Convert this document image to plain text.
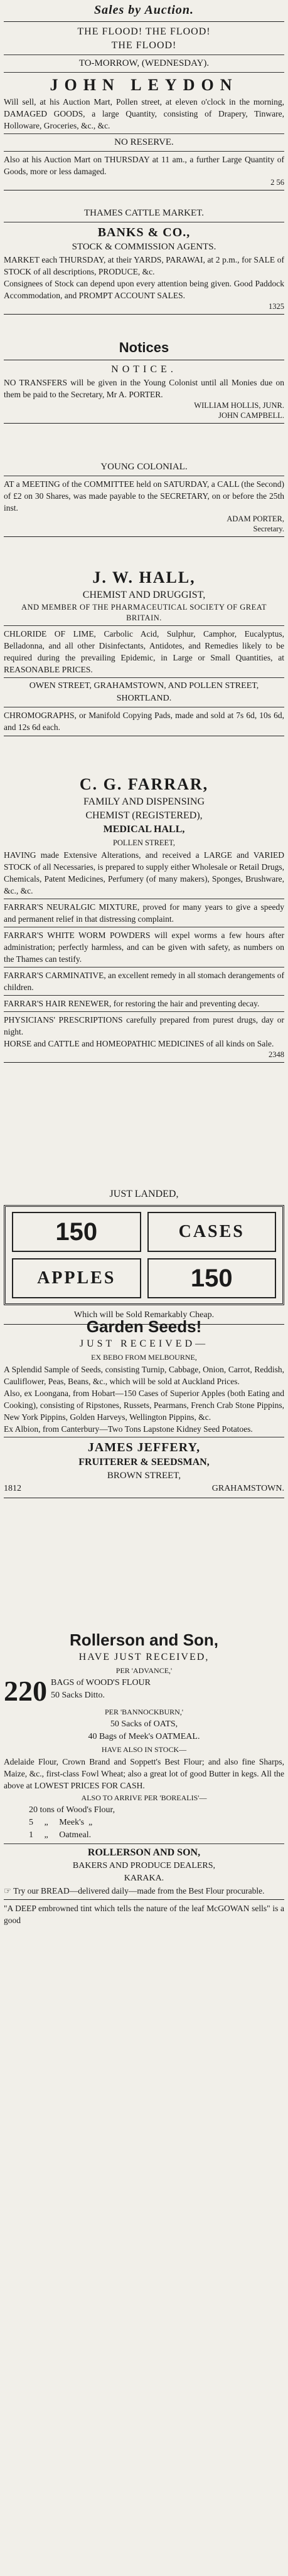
Sales by Auction.
THE FLOOD! THE FLOOD!
THE FLOOD!
TO-MORROW, (WEDNESDAY).
JOHN LEYDON
Will sell, at his Auction Mart, Pollen street, at eleven o'clock in the morning, DAMAGED GOODS, a large Quantity, consisting of Drapery, Tinware, Holloware, Groceries, &c., &c.
NO RESERVE.
Also at his Auction Mart on THURSDAY at 11 am., a further Large Quantity of Goods, more or less damaged.
2 56
THAMES CATTLE MARKET.
BANKS & CO.,
STOCK & COMMISSION AGENTS.
MARKET each THURSDAY, at their YARDS, PARAWAI, at 2 p.m., for SALE of STOCK of all descriptions, PRODUCE, &c.
Consignees of Stock can depend upon every attention being given. Good Paddock Accommodation, and PROMPT ACCOUNT SALES.
1325
Notices
NOTICE.
NO TRANSFERS will be given in the Young Colonist until all Monies due on them be paid to the Secretary, Mr A. PORTER.
WILLIAM HOLLIS, JUNR.
JOHN CAMPBELL.
YOUNG COLONIAL.
AT a MEETING of the COMMITTEE held on SATURDAY, a CALL (the Second) of £2 on 30 Shares, was made payable to the SECRETARY, on or before the 25th inst.
ADAM PORTER,
Secretary.
J. W. HALL,
CHEMIST AND DRUGGIST,
AND MEMBER OF THE PHARMACEUTICAL SOCIETY OF GREAT BRITAIN.
CHLORIDE OF LIME, Carbolic Acid, Sulphur, Camphor, Eucalyptus, Belladonna, and all other Disinfectants, Antidotes, and Remedies likely to be required during the prevailing Epidemic, in Large or Small Quantities, at REASONABLE PRICES.
OWEN STREET, GRAHAMSTOWN, AND POLLEN STREET, SHORTLAND.
CHROMOGRAPHS, or Manifold Copying Pads, made and sold at 7s 6d, 10s 6d, and 12s 6d each.
C. G. FARRAR,
FAMILY AND DISPENSING
CHEMIST (REGISTERED),
MEDICAL HALL,
POLLEN STREET,
HAVING made Extensive Alterations, and received a LARGE and VARIED STOCK of all Necessaries, is prepared to supply either Wholesale or Retail Drugs, Chemicals, Patent Medicines, Perfumery (of many makers), Sponges, Brushware, &c., &c.
FARRAR'S NEURALGIC MIXTURE, proved for many years to give a speedy and permanent relief in that distressing complaint.
FARRAR'S WHITE WORM POWDERS will expel worms a few hours after administration; perfectly harmless, and can be given with safety, as numbers on the Thames can testify.
FARRAR'S CARMINATIVE, an excellent remedy in all stomach derangements of children.
FARRAR'S HAIR RENEWER, for restoring the hair and preventing decay.
PHYSICIANS' PRESCRIPTIONS carefully prepared from purest drugs, day or night.
HORSE and CATTLE and HOMEOPATHIC MEDICINES of all kinds on Sale.
2348
JUST LANDED,
150	CASES
APPLES	150
Which will be Sold Remarkably Cheap.
Garden Seeds!
JUST RECEIVED—
EX BEBO FROM MELBOURNE,
A Splendid Sample of Seeds, consisting Turnip, Cabbage, Onion, Carrot, Reddish, Cauliflower, Peas, Beans, &c., which will be sold at Auckland Prices.
Also, ex Loongana, from Hobart—150 Cases of Superior Apples (both Eating and Cooking), consisting of Ripstones, Russets, Pearmans, French Crab Stone Pippins, New York Pippins, Golden Harveys, Wellington Pippins, &c.
Ex Albion, from Canterbury—Two Tons Lapstone Kidney Seed Potatoes.
JAMES JEFFERY,
FRUITERER & SEEDSMAN,
BROWN STREET,
1812	GRAHAMSTOWN.
Rollerson and Son,
HAVE JUST RECEIVED,
PER 'ADVANCE,'
220 BAGS of WOOD'S FLOUR
50 Sacks Ditto.
PER 'BANNOCKBURN,'
50 Sacks of OATS,
40 Bags of Meek's OATMEAL.
HAVE ALSO IN STOCK—
Adelaide Flour, Crown Brand and Soppett's Best Flour; and also fine Sharps, Maize, &c., first-class Fowl Wheat; also a great lot of good Butter in kegs. All the above at LOWEST PRICES FOR CASH.
ALSO TO ARRIVE PER 'BOREALIS'—
20 tons of Wood's Flour,
5     „     Meek's  „
1     „     Oatmeal.
ROLLERSON AND SON,
BAKERS AND PRODUCE DEALERS,
KARAKA.
☞ Try our BREAD—delivered daily—made from the Best Flour procurable.
"A DEEP embrowned tint which tells the nature of the leaf McGOWAN sells" is a good
